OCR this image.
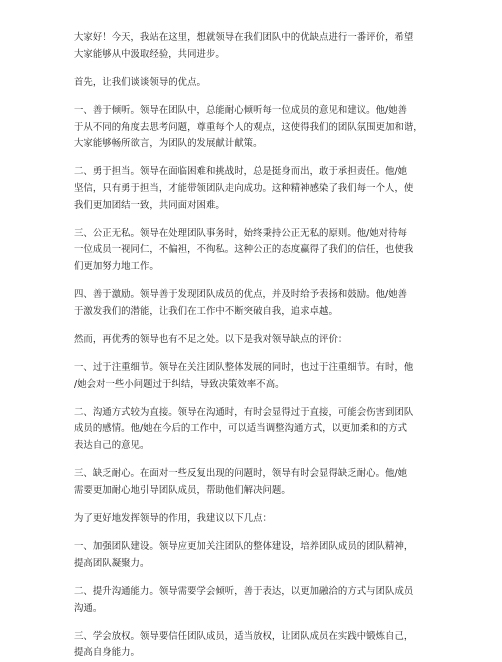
大家好！今天，我站在这里，想就领导在我们团队中的优缺点进行一番评价，希望
大家能够从中汲取经验，共同进步。

首先，让我们谈谈领导的优点。

一、善于倾听。领导在团队中，总能耐心倾听每一位成员的意见和建议。他/她善
于从不同的角度去思考问题，尊重每个人的观点，这使得我们的团队氛围更加和谐，
大家能够畅所欲言，为团队的发展献计献策。

二、勇于担当。领导在面临困难和挑战时，总是挺身而出，敢于承担责任。他/她
坚信，只有勇于担当，才能带领团队走向成功。这种精神感染了我们每一个人，使
我们更加团结一致，共同面对困难。

三、公正无私。领导在处理团队事务时，始终秉持公正无私的原则。他/她对待每
一位成员一视同仁，不偏袒，不徇私。这种公正的态度赢得了我们的信任，也使我
们更加努力地工作。

四、善于激励。领导善于发现团队成员的优点，并及时给予表扬和鼓励。他/她善
于激发我们的潜能，让我们在工作中不断突破自我，追求卓越。

然而，再优秀的领导也有不足之处。以下是我对领导缺点的评价：

一、过于注重细节。领导在关注团队整体发展的同时，也过于注重细节。有时，他
/她会对一些小问题过于纠结，导致决策效率不高。

二、沟通方式较为直接。领导在沟通时，有时会显得过于直接，可能会伤害到团队
成员的感情。他/她在今后的工作中，可以适当调整沟通方式，以更加柔和的方式
表达自己的意见。

三、缺乏耐心。在面对一些反复出现的问题时，领导有时会显得缺乏耐心。他/她
需要更加耐心地引导团队成员，帮助他们解决问题。

为了更好地发挥领导的作用，我建议以下几点：

一、加强团队建设。领导应更加关注团队的整体建设，培养团队成员的团队精神，
提高团队凝聚力。

二、提升沟通能力。领导需要学会倾听，善于表达，以更加融洽的方式与团队成员
沟通。

三、学会放权。领导要信任团队成员，适当放权，让团队成员在实践中锻炼自己，
提高自身能力。
